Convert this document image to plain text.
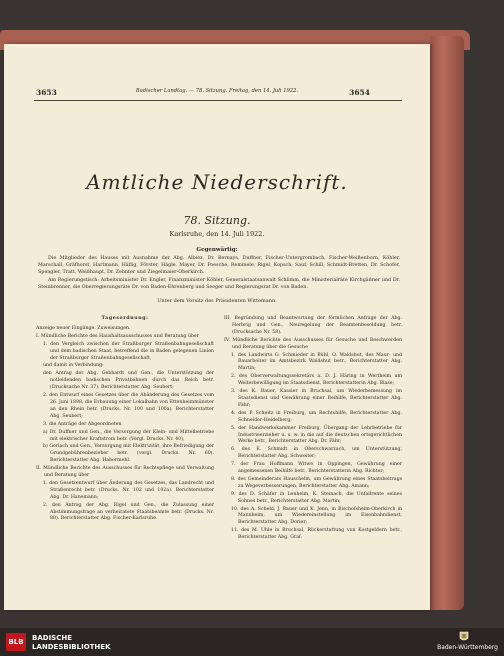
3653	Badischer Landtag. — 78. Sitzung. Freitag, den 14. Juli 1922.	3654
Amtliche Niederschrift.
78. Sitzung.
Karlsruhe, den 14. Juli 1922.
Gegenwärtig:

Die Mitglieder des Hauses mit Ausnahme der Abg. Albiez, Dr. Bernays, Duffner, Fischer-Untergrombach, Fischer-Weißenborn, Köhler, Marschall, Gräfhorst, Hartmann, Häflig, Förster, Hägle, Mayer, Dr. Poesche, Remmele, Rigel, Kopsch, Sauf, Schill, Schmidt-Bretten, Dr. Schofer, Spengler, Tratt, Weißhaupt, Dr. Zehnter und Ziegelmaier-Oberkirch.

Am Regierungstisch: Arbeitsminister Dr. Engler, Finanzminister Köhler, Generalstaatsanwalt Schlimm, die Ministerialräte Kirchgäßner und Dr. Steinbrenner, die Oberregierungsräte Dr. von Baden-Ehrenberg und Seeger und Regierungsrat Dr. von Baden.

Unter dem Vorsitz des Präsidenten Wittemann.

Tagesordnung:

Anzeige neuer Eingänge. Zuweisungen.

I. Mündliche Berichte des Haushaltsausschusses und Beratung über

1. den Vergleich zwischen der Straßburger Straßenbahngesellschaft und dem badischen Staat, betreffend die in Baden gelegenen Linien der Straßburger Straßenbahngesellschaft,

und damit in Verbindung:

den Antrag der Abg. Gebhardt und Gen., die Unterstützung der notleidenden badischen Privatbahnen durch das Reich betr. (Drucksache Nr. 37). Berichterstatter Abg. Seubert;

2. den Entwurf eines Gesetzes über die Abänderung des Gesetzes vom 26. Juni 1898, die Erbauung einer Lokalbahn von Ettenheimmünster an den Rhein betr. (Drucks. Nr. 100 und 100a). Berichterstatter Abg. Seubert;

3. die Anträge der Abgeordneten

a) Dr. Duffner und Gen., die Versorgung der Klein- und Mittelbetriebe mit elektrischer Kraftstrom betr. (Vergl. Drucks. Nr. 40),

b) Gerlach und Gen., Versorgung mit Elektrizität, ihre Befriedigung der Grundgebührenbezieher betr. (vergl. Drucks. Nr. 60). Berichterstatter Abg. Habermehl.

II. Mündliche Berichte des Ausschusses für Rechtspflege und Verwaltung und Beratung über

1. den Gesetzentwurf über Änderung des Gesetzes, das Landrecht und Straßenrecht betr. (Drucks. Nr. 102 und 102a). Berichterstatter Abg. Dr. Hanemann;

2. den Antrag der Abg. Rigel und Gen., die Zulassung einer Abstimmungsfrage an verheiratete Staatsbeamte betr. (Drucks. Nr. 88). Berichterstatter Abg. Fischer-Karlsruhe.

III. Begründung und Beantwortung der förmlichen Anfrage der Abg. Herbrig und Gen., Neuregelung der Beamtenbesoldung betr. (Drucksache Nr. 58).

IV. Mündliche Berichte des Ausschusses für Gesuche und Beschwerden und Beratung über die Gesuche

1. des Landwirts G. Schmieder in Bühl, O. Waldshut, des Maur- und Bauarbeiter im Amtsbezirk Waldshut betr., Berichterstatter Abg. Martin;

2. des Oberverwaltungssekretärs a. D. J. Häring in Wertheim um Weiterbewilligung im Staatsdienst, Berichterstatterin Abg. Blase;

3. des K. Bauer, Kassier in Bruchsal, um Wiederbemessung im Staatsdienst und Gewährung einer Beihilfe, Berichterstatter Abg. Fähr;

4. des P. Schnitz in Freiburg, um Rechtshilfe, Berichterstatter Abg. Schneider-Heidelberg;

5. der Handwerkskammer Freiburg, Übergang der Lehrbetriebe für Industrieerzieher u. s. w. in die auf die deutschen ortsgerichtlichen Werke betr., Berichterstatter Abg. Dr. Fähr;

6. des E. Schmidt in Oberschwarzach, um Unterstützung, Berichterstatter Abg. Schweiter;

7. der Frau Hoffmann Witwe in Oppingen, Gewährung einer angemessenen Beihilfe betr., Berichterstatterin Abg. Richter;

8. des Gemeinderats Hauschelm, um Gewährung eines Staatsbeitrags zu Wegeverbesserungen, Berichterstatter Abg. Amann;

9. des D. Schäfer in Lenheim, K. Steinach, die Unfallrente seines Sohnes betr., Berichterstatter Abg. Martin;

10. des A. Scheld, J. Bauer und K. Jenn, in Bischofsheim-Oberkirch in Mannheim, um Wiedereinstellung im Eisenbahndienst, Berichterstatter Abg. Dorier;

11. des M. Uhle in Bruchsal, Rückerstattung von Kostgeldern betr., Berichterstatter Abg. Graf.

BLB	BADISCHE
LANDESBIBLIOTHEK	Baden-Württemberg
